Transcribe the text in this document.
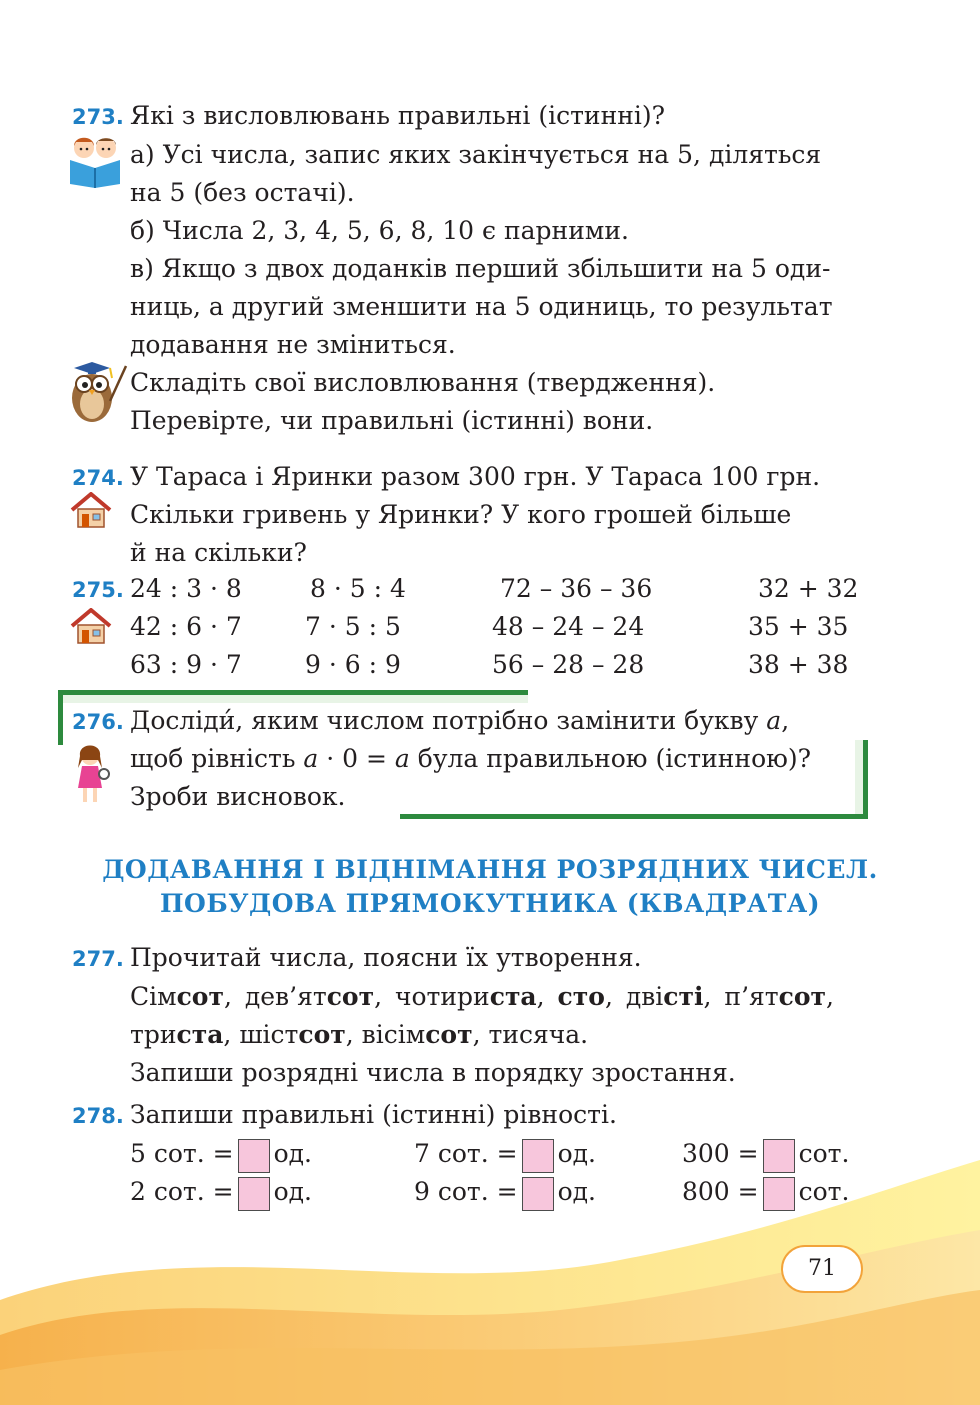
273. Які з висловлювань правильні (істинні)?
а) Усі числа, запис яких закінчується на 5, діляться
на 5 (без остачі).
б) Числа 2, 3, 4, 5, 6, 8, 10 є парними.
в) Якщо з двох доданків перший збільшити на 5 оди-
ниць, а другий зменшити на 5 одиниць, то результат
додавання не зміниться.
Складіть свої висловлювання (твердження).
Перевірте, чи правильні (істинні) вони.
274. У Тараса і Яринки разом 300 грн. У Тараса 100 грн.
Скільки гривень у Яринки? У кого грошей більше
й на скільки?
275. 24 : 3 · 8	8 · 5 : 4	72 – 36 – 36	32 + 32
42 : 6 · 7	7 · 5 : 5	48 – 24 – 24	35 + 35
63 : 9 · 7	9 · 6 : 9	56 – 28 – 28	38 + 38
276. Досліди́, яким числом потрібно замінити букву a,
щоб рівність a · 0 = a була правильною (істинною)?
Зроби висновок.
ДОДАВАННЯ І ВІДНІМАННЯ РОЗРЯДНИХ ЧИСЕЛ.
ПОБУДОВА ПРЯМОКУТНИКА (КВАДРАТА)
277. Прочитай числа, поясни їх утворення.
Сімсот, дев’ятсот, чотириста, сто, двісті, п’ятсот,
триста, шістсот, вісімсот, тисяча.
Запиши розрядні числа в порядку зростання.
278. Запиши правильні (істинні) рівності.
5 сот. = од.	7 сот. = од.	300 = сот.
2 сот. = од.	9 сот. = од.	800 = сот.
71
